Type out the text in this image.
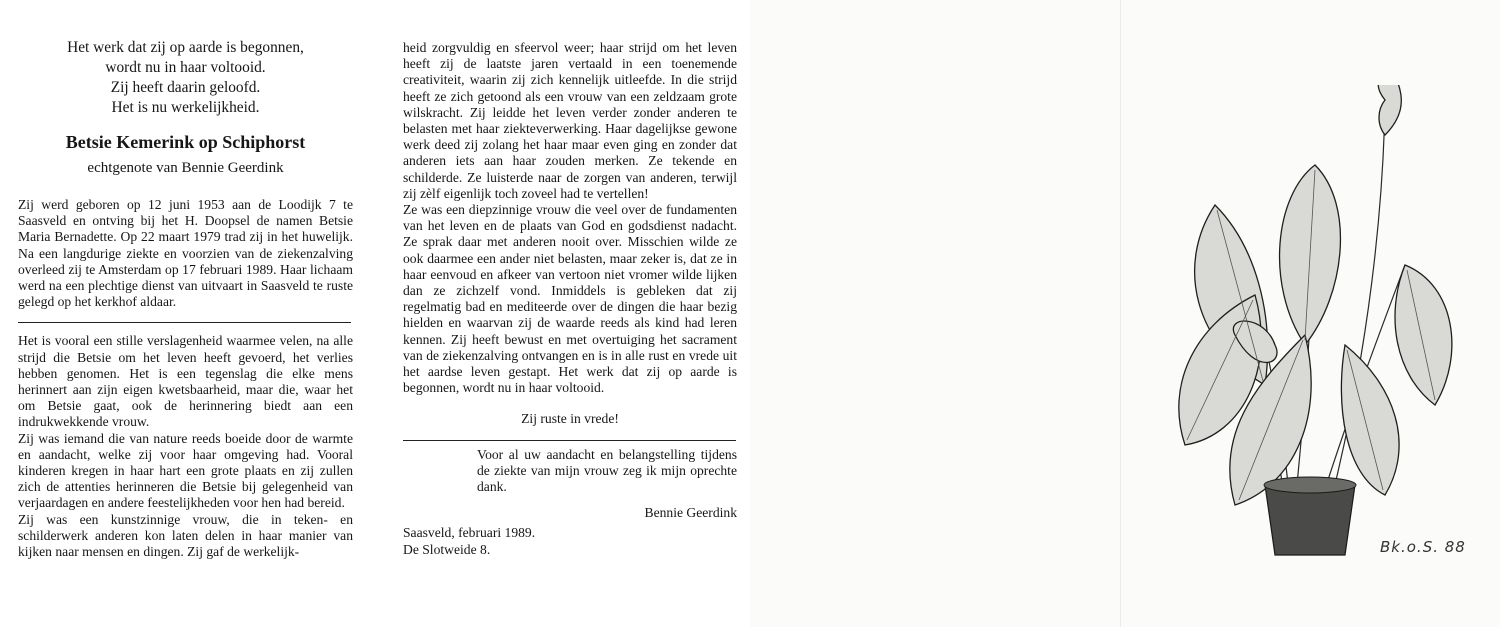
Het werk dat zij op aarde is begonnen,
wordt nu in haar voltooid.
Zij heeft daarin geloofd.
Het is nu werkelijkheid.
Betsie Kemerink op Schiphorst
echtgenote van Bennie Geerdink

Zij werd geboren op 12 juni 1953 aan de Loodijk 7 te Saasveld en ontving bij het H. Doopsel de namen Betsie Maria Bernadette. Op 22 maart 1979 trad zij in het huwelijk. Na een langdurige ziekte en voorzien van de ziekenzalving overleed zij te Amsterdam op 17 februari 1989. Haar lichaam werd na een plechtige dienst van uitvaart in Saasveld te ruste gelegd op het kerkhof aldaar.

Het is vooral een stille verslagenheid waarmee velen, na alle strijd die Betsie om het leven heeft gevoerd, het verlies hebben genomen. Het is een tegenslag die elke mens herinnert aan zijn eigen kwetsbaarheid, maar die, waar het om Betsie gaat, ook de herinnering biedt aan een indrukwekkende vrouw.

Zij was iemand die van nature reeds boeide door de warmte en aandacht, welke zij voor haar omgeving had. Vooral kinderen kregen in haar hart een grote plaats en zij zullen zich de attenties herinneren die Betsie bij gelegenheid van verjaardagen en andere feestelijkheden voor hen had bereid.

Zij was een kunstzinnige vrouw, die in teken- en schilderwerk anderen kon laten delen in haar manier van kijken naar mensen en dingen. Zij gaf de werkelijk-

heid zorgvuldig en sfeervol weer; haar strijd om het leven heeft zij de laatste jaren vertaald in een toenemende creativiteit, waarin zij zich kennelijk uitleefde. In die strijd heeft ze zich getoond als een vrouw van een zeldzaam grote wilskracht. Zij leidde het leven verder zonder anderen te belasten met haar ziekteverwerking. Haar dagelijkse gewone werk deed zij zolang het haar maar even ging en zonder dat anderen iets aan haar zouden merken. Ze tekende en schilderde. Ze luisterde naar de zorgen van anderen, terwijl zij zèlf eigenlijk toch zoveel had te vertellen!

Ze was een diepzinnige vrouw die veel over de fundamenten van het leven en de plaats van God en godsdienst nadacht. Ze sprak daar met anderen nooit over. Misschien wilde ze ook daarmee een ander niet belasten, maar zeker is, dat ze in haar eenvoud en afkeer van vertoon niet vromer wilde lijken dan ze zichzelf vond. Inmiddels is gebleken dat zij regelmatig bad en mediteerde over de dingen die haar bezig hielden en waarvan zij de waarde reeds als kind had leren kennen. Zij heeft bewust en met overtuiging het sacrament van de ziekenzalving ontvangen en is in alle rust en vrede uit het aardse leven gestapt. Het werk dat zij op aarde is begonnen, wordt nu in haar voltooid.

Zij ruste in vrede!
Voor al uw aandacht en belangstelling tijdens de ziekte van mijn vrouw zeg ik mijn oprechte dank.
Bennie Geerdink
Saasveld, februari 1989.
De Slotweide 8.	Bk.o.S. 88
